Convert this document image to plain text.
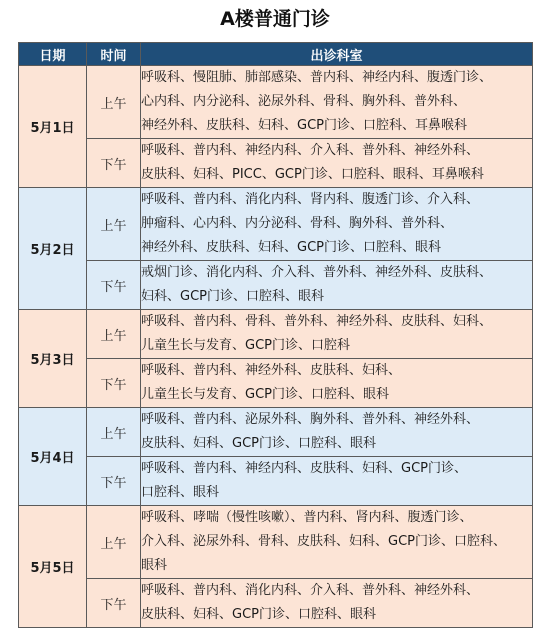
A楼普通门诊
日期	时间	出诊科室
5月1日	上午	呼吸科、慢阻肺、肺部感染、普内科、神经内科、腹透门诊、
心内科、内分泌科、泌尿外科、骨科、胸外科、普外科、
神经外科、皮肤科、妇科、GCP门诊、口腔科、耳鼻喉科

	下午	呼吸科、普内科、神经内科、介入科、普外科、神经外科、
皮肤科、妇科、PICC、GCP门诊、口腔科、眼科、耳鼻喉科

5月2日	上午	呼吸科、普内科、消化内科、肾内科、腹透门诊、介入科、
肿瘤科、心内科、内分泌科、骨科、胸外科、普外科、
神经外科、皮肤科、妇科、GCP门诊、口腔科、眼科

	下午	戒烟门诊、消化内科、介入科、普外科、神经外科、皮肤科、
妇科、GCP门诊、口腔科、眼科

5月3日	上午	呼吸科、普内科、骨科、普外科、神经外科、皮肤科、妇科、
儿童生长与发育、GCP门诊、口腔科

	下午	呼吸科、普内科、神经外科、皮肤科、妇科、
儿童生长与发育、GCP门诊、口腔科、眼科

5月4日	上午	呼吸科、普内科、泌尿外科、胸外科、普外科、神经外科、
皮肤科、妇科、GCP门诊、口腔科、眼科

	下午	呼吸科、普内科、神经内科、皮肤科、妇科、GCP门诊、
口腔科、眼科

5月5日	上午	呼吸科、哮喘（慢性咳嗽）、普内科、肾内科、腹透门诊、
介入科、泌尿外科、骨科、皮肤科、妇科、GCP门诊、口腔科、
眼科

	下午	呼吸科、普内科、消化内科、介入科、普外科、神经外科、
皮肤科、妇科、GCP门诊、口腔科、眼科
